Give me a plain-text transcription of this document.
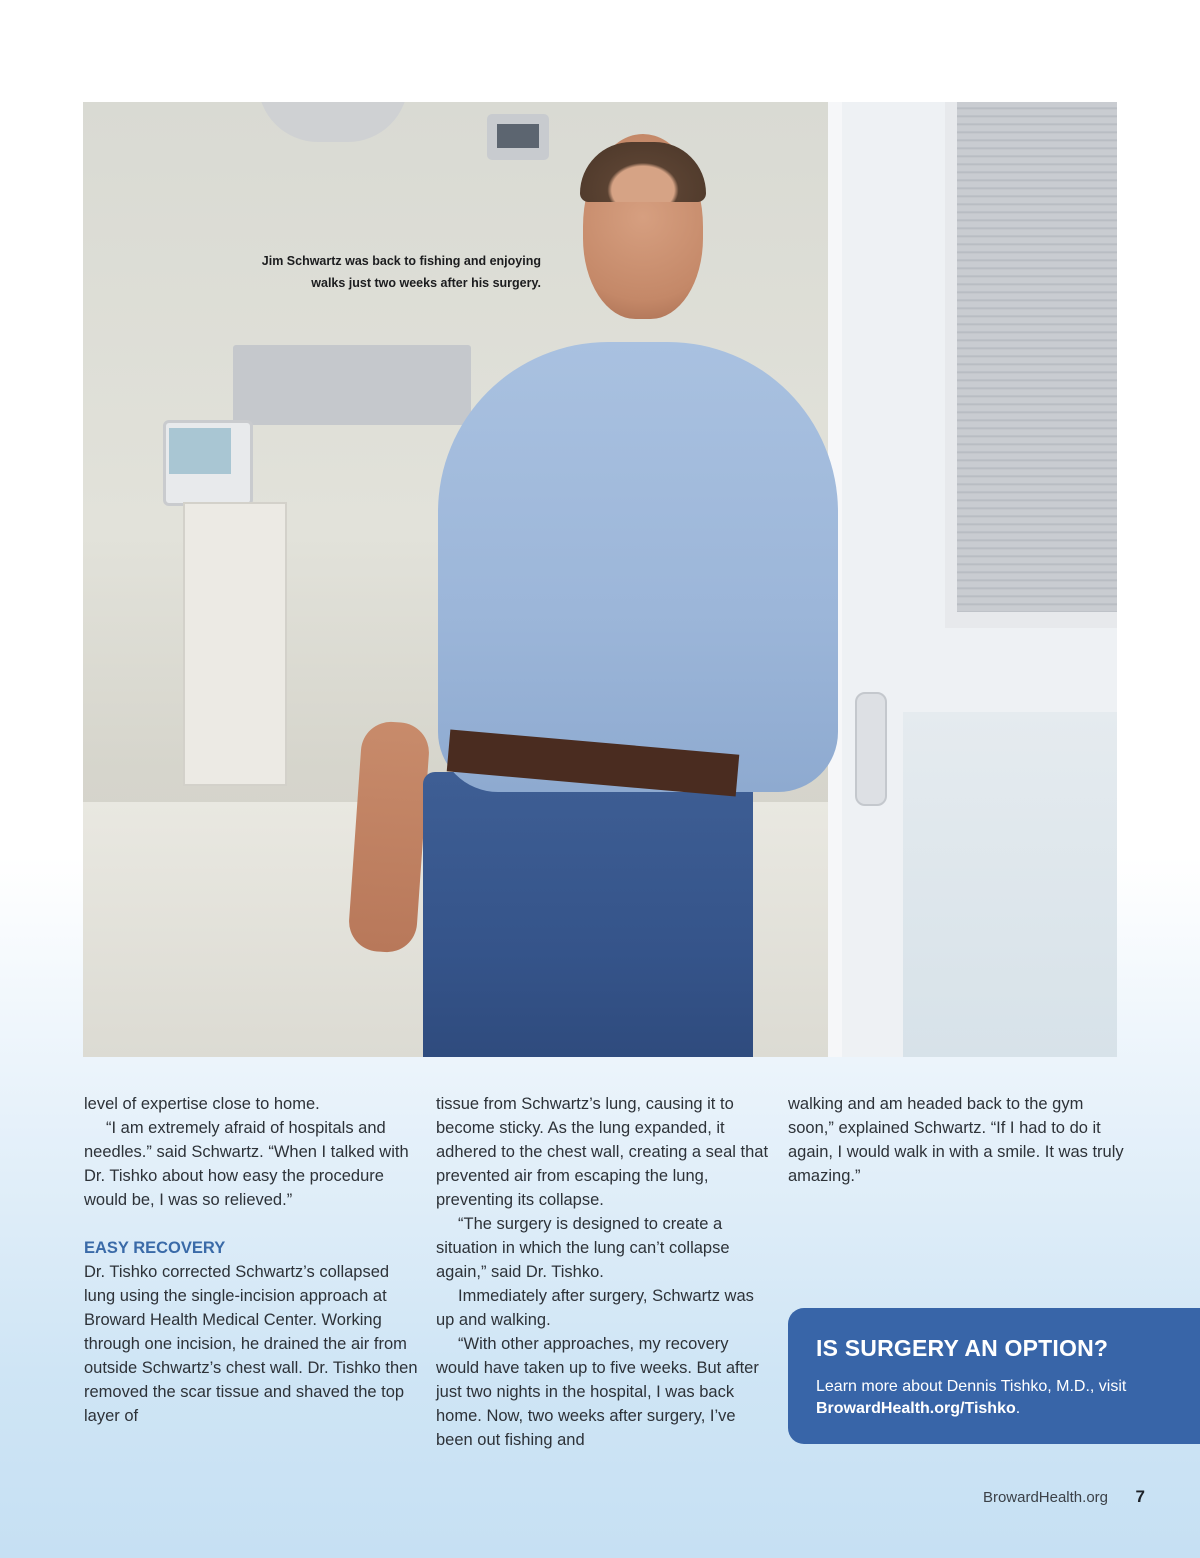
Jim Schwartz was back to fishing and enjoying
walks just two weeks after his surgery.

level of expertise close to home.

“I am extremely afraid of hospitals and needles.” said Schwartz. “When I talked with Dr. Tishko about how easy the procedure would be, I was so relieved.”

EASY RECOVERY

Dr. Tishko corrected Schwartz’s collapsed lung using the single-incision approach at Broward Health Medical Center. Working through one incision, he drained the air from outside Schwartz’s chest wall. Dr. Tishko then removed the scar tissue and shaved the top layer of

tissue from Schwartz’s lung, causing it to become sticky. As the lung expanded, it adhered to the chest wall, creating a seal that prevented air from escaping the lung, preventing its collapse.

“The surgery is designed to create a situation in which the lung can’t collapse again,” said Dr. Tishko.

Immediately after surgery, Schwartz was up and walking.

“With other approaches, my recovery would have taken up to five weeks. But after just two nights in the hospital, I was back home. Now, two weeks after surgery, I’ve been out fishing and

walking and am headed back to the gym soon,” explained Schwartz. “If I had to do it again, I would walk in with a smile. It was truly amazing.”

IS SURGERY AN OPTION?
Learn more about Dennis Tishko, M.D., visit BrowardHealth.org/Tishko.
BrowardHealth.org 7
